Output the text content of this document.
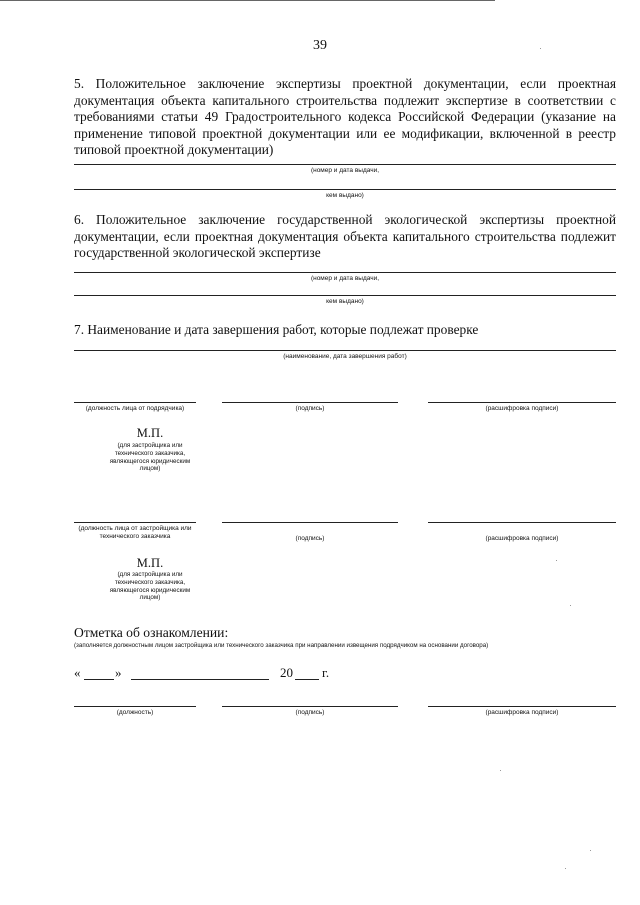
39
5. Положительное заключение экспертизы проектной документации, если проектная документация объекта капитального строительства подлежит экспертизе в соответствии с требованиями статьи 49 Градостроительного кодекса Российской Федерации (указание на применение типовой проектной документации или ее модификации, включенной в реестр типовой проектной документации)
(номер и дата выдачи,
кем выдано)
6. Положительное заключение государственной экологической экспертизы проектной документации, если проектная документация объекта капитального строительства подлежит государственной экологической экспертизе
(номер и дата выдачи,
кем выдано)
7. Наименование и дата завершения работ, которые подлежат проверке
(наименование, дата завершения работ)
(должность лица от подрядчика)	(подпись)	(расшифровка подписи)
М.П.
(для застройщика или технического заказчика, являющегося юридическим лицом)
(должность лица от застройщика или технического заказчика	(подпись)	(расшифровка подписи)
М.П.
(для застройщика или технического заказчика, являющегося юридическим лицом)
Отметка об ознакомлении:
(заполняется должностным лицом застройщика или технического заказчика при направлении извещения подрядчиком на основании договора)
«	»	20 г.
(должность)	(подпись)	(расшифровка подписи)
